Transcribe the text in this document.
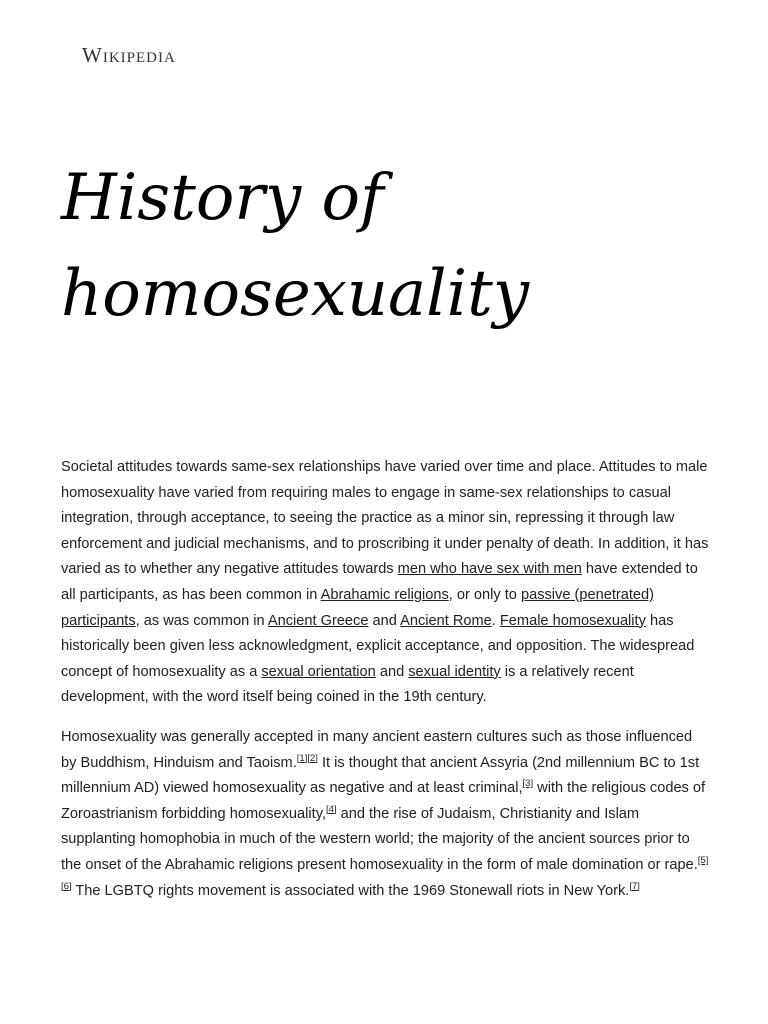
Wikipedia
History of homosexuality

Societal attitudes towards same-sex relationships have varied over time and place. Attitudes to male homosexuality have varied from requiring males to engage in same-sex relationships to casual integration, through acceptance, to seeing the practice as a minor sin, repressing it through law enforcement and judicial mechanisms, and to proscribing it under penalty of death. In addition, it has varied as to whether any negative attitudes towards men who have sex with men have extended to all participants, as has been common in Abrahamic religions, or only to passive (penetrated) participants, as was common in Ancient Greece and Ancient Rome. Female homosexuality has historically been given less acknowledgment, explicit acceptance, and opposition. The widespread concept of homosexuality as a sexual orientation and sexual identity is a relatively recent development, with the word itself being coined in the 19th century.

Homosexuality was generally accepted in many ancient eastern cultures such as those influenced by Buddhism, Hinduism and Taoism.[1][2] It is thought that ancient Assyria (2nd millennium BC to 1st millennium AD) viewed homosexuality as negative and at least criminal,[3] with the religious codes of Zoroastrianism forbidding homosexuality,[4] and the rise of Judaism, Christianity and Islam supplanting homophobia in much of the western world; the majority of the ancient sources prior to the onset of the Abrahamic religions present homosexuality in the form of male domination or rape.[5][6] The LGBTQ rights movement is associated with the 1969 Stonewall riots in New York.[7]
